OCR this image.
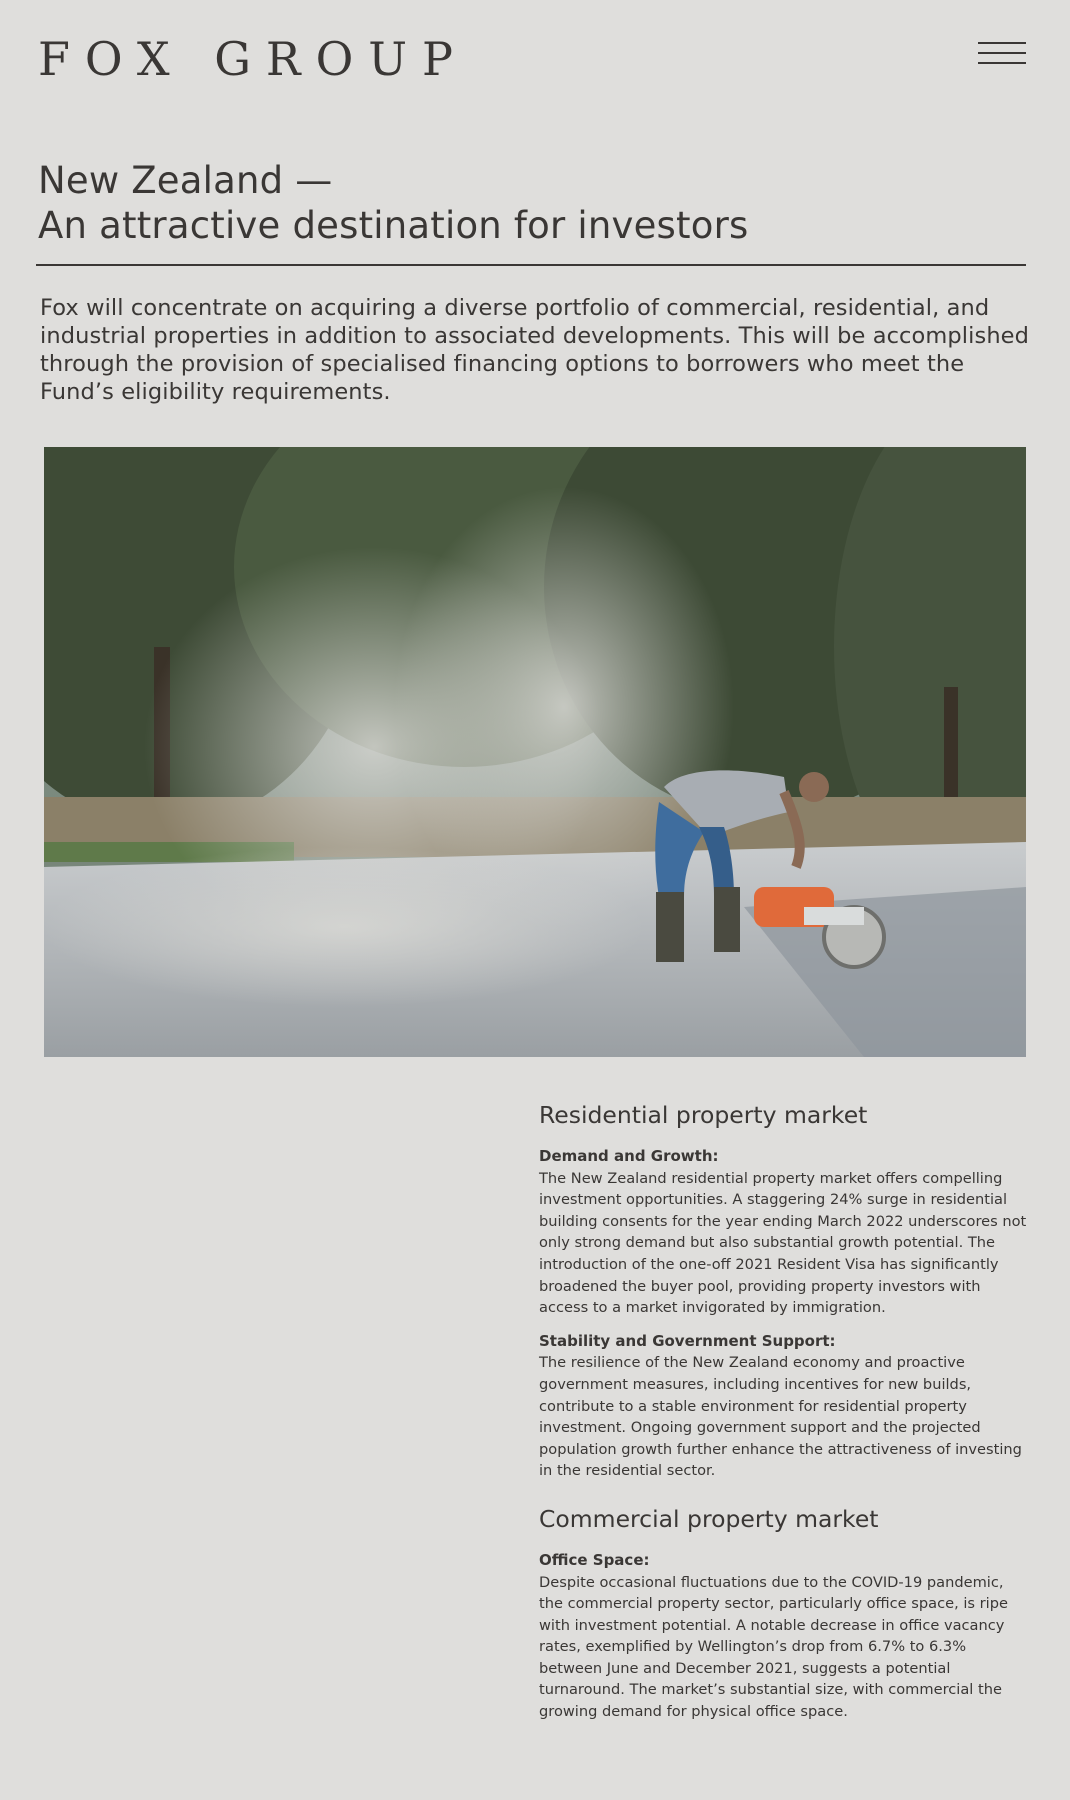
FOX GROUP
New Zealand —
An attractive destination for investors

Fox will concentrate on acquiring a diverse portfolio of commercial, residential, and industrial properties in addition to associated developments. This will be accomplished through the provision of specialised financing options to borrowers who meet the Fund’s eligibility requirements.

Residential property market
Demand and Growth:
The New Zealand residential property market offers compelling investment opportunities. A staggering 24% surge in residential building consents for the year ending March 2022 underscores not only strong demand but also substantial growth potential. The introduction of the one-off 2021 Resident Visa has significantly broadened the buyer pool, providing property investors with access to a market invigorated by immigration.
Stability and Government Support:
The resilience of the New Zealand economy and proactive government measures, including incentives for new builds, contribute to a stable environment for residential property investment. Ongoing government support and the projected population growth further enhance the attractiveness of investing in the residential sector.
Commercial property market
Office Space:
Despite occasional fluctuations due to the COVID-19 pandemic, the commercial property sector, particularly office space, is ripe with investment potential. A notable decrease in office vacancy rates, exemplified by Wellington’s drop from 6.7% to 6.3% between June and December 2021, suggests a potential turnaround. The market’s substantial size, with commercial the growing demand for physical office space.
